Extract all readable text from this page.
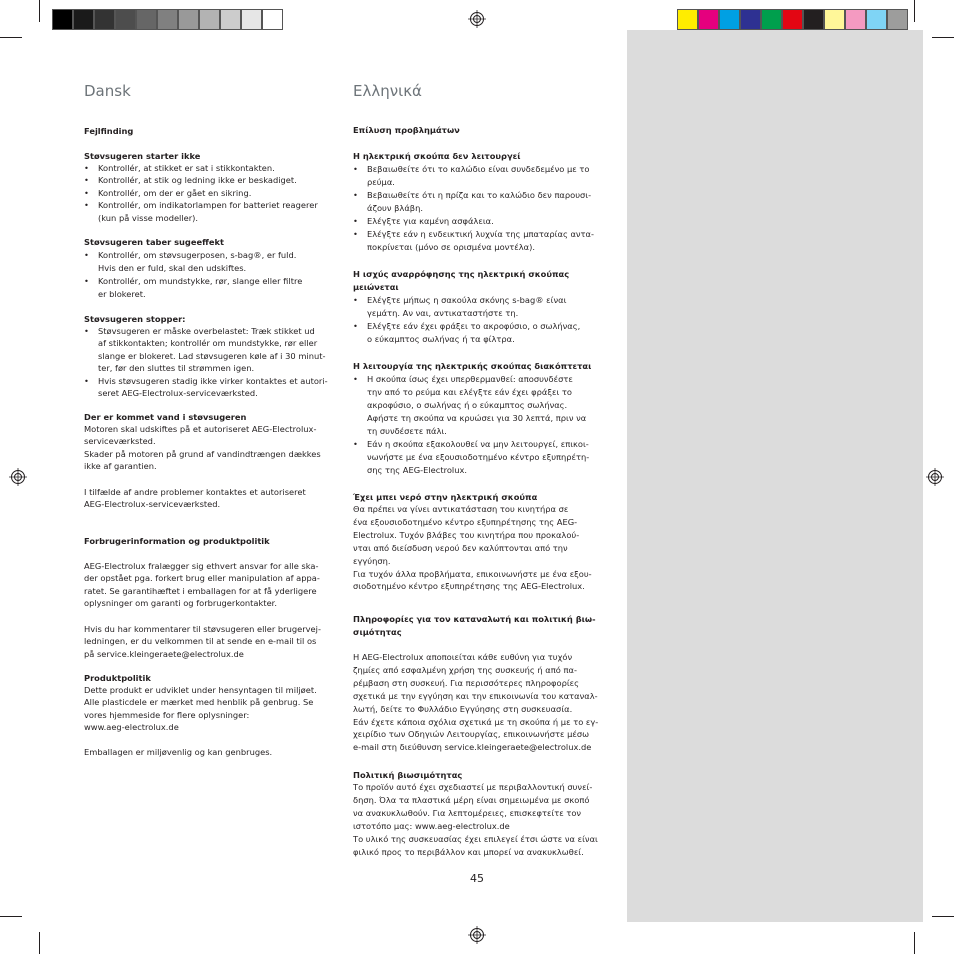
Dansk

Fejlfinding

Støvsugeren starter ikke

• Kontrollér, at stikket er sat i stikkontakten.
• Kontrollér, at stik og ledning ikke er beskadiget.
• Kontrollér, om der er gået en sikring.
• Kontrollér, om indikatorlampen for batteriet reagerer
(kun på visse modeller).

Støvsugeren taber sugeeffekt

• Kontrollér, om støvsugerposen, s-bag®, er fuld.
Hvis den er fuld, skal den udskiftes.
• Kontrollér, om mundstykke, rør, slange eller filtre
er blokeret.

Støvsugeren stopper:

• Støvsugeren er måske overbelastet: Træk stikket ud
af stikkontakten; kontrollér om mundstykke, rør eller
slange er blokeret. Lad støvsugeren køle af i 30 minut-
ter, før den sluttes til strømmen igen.
• Hvis støvsugeren stadig ikke virker kontaktes et autori-
seret AEG-Electrolux-serviceværksted.

Der er kommet vand i støvsugeren

Motoren skal udskiftes på et autoriseret AEG-Electrolux-
serviceværksted.
Skader på motoren på grund af vandindtrængen dækkes
ikke af garantien.
I tilfælde af andre problemer kontaktes et autoriseret
AEG-Electrolux-serviceværksted.

Forbrugerinformation og produktpolitik

AEG-Electrolux fralægger sig ethvert ansvar for alle ska-
der opstået pga. forkert brug eller manipulation af appa-
ratet. Se garantihæftet i emballagen for at få yderligere
oplysninger om garanti og forbrugerkontakter.
Hvis du har kommentarer til støvsugeren eller brugervej-
ledningen, er du velkommen til at sende en e-mail til os
på service.kleingeraete@electrolux.de

Produktpolitik

Dette produkt er udviklet under hensyntagen til miljøet.
Alle plasticdele er mærket med henblik på genbrug. Se
vores hjemmeside for flere oplysninger:
www.aeg-electrolux.de

Emballagen er miljøvenlig og kan genbruges.

Ελληνικά

Επίλυση προβλημάτων

Η ηλεκτρική σκούπα δεν λειτουργεί

• Βεβαιωθείτε ότι το καλώδιο είναι συνδεδεμένο με το
ρεύμα.
• Βεβαιωθείτε ότι η πρίζα και το καλώδιο δεν παρουσι-
άζουν βλάβη.
• Ελέγξτε για καμένη ασφάλεια.
• Ελέγξτε εάν η ενδεικτική λυχνία της μπαταρίας αντα-
ποκρίνεται (μόνο σε ορισμένα μοντέλα).

Η ισχύς αναρρόφησης της ηλεκτρική σκούπας

μειώνεται

• Ελέγξτε μήπως η σακούλα σκόνης s-bag® είναι
γεμάτη. Αν ναι, αντικαταστήστε τη.
• Ελέγξτε εάν έχει φράξει το ακροφύσιο, ο σωλήνας,
ο εύκαμπτος σωλήνας ή τα φίλτρα.

Η λειτουργία της ηλεκτρικής σκούπας διακόπτεται

• Η σκούπα ίσως έχει υπερθερμανθεί: αποσυνδέστε
την από το ρεύμα και ελέγξτε εάν έχει φράξει το
ακροφύσιο, ο σωλήνας ή ο εύκαμπτος σωλήνας.
Αφήστε τη σκούπα να κρυώσει για 30 λεπτά, πριν να
τη συνδέσετε πάλι.
• Εάν η σκούπα εξακολουθεί να μην λειτουργεί, επικοι-
νωνήστε με ένα εξουσιοδοτημένο κέντρο εξυπηρέτη-
σης της AEG-Electrolux.

Έχει μπει νερό στην ηλεκτρική σκούπα

Θα πρέπει να γίνει αντικατάσταση του κινητήρα σε
ένα εξουσιοδοτημένο κέντρο εξυπηρέτησης της AEG-
Electrolux. Τυχόν βλάβες του κινητήρα που προκαλού-
νται από διείσδυση νερού δεν καλύπτονται από την
εγγύηση.
Για τυχόν άλλα προβλήματα, επικοινωνήστε με ένα εξου-
σιοδοτημένο κέντρο εξυπηρέτησης της AEG-Electrolux.

Πληροφορίες για τον καταναλωτή και πολιτική βιω-

σιμότητας

Η AEG-Electrolux αποποιείται κάθε ευθύνη για τυχόν
ζημίες από εσφαλμένη χρήση της συσκευής ή από πα-
ρέμβαση στη συσκευή. Για περισσότερες πληροφορίες
σχετικά με την εγγύηση και την επικοινωνία του καταναλ-
λωτή, δείτε το Φυλλάδιο Εγγύησης στη συσκευασία.
Εάν έχετε κάποια σχόλια σχετικά με τη σκούπα ή με το εγ-
χειρίδιο των Οδηγιών Λειτουργίας, επικοινωνήστε μέσω
e-mail στη διεύθυνση service.kleingeraete@electrolux.de

Πολιτική βιωσιμότητας

Το προϊόν αυτό έχει σχεδιαστεί με περιβαλλοντική συνεί-
δηση. Όλα τα πλαστικά μέρη είναι σημειωμένα με σκοπό
να ανακυκλωθούν. Για λεπτομέρειες, επισκεφτείτε τον
ιστοτόπο μας: www.aeg-electrolux.de
Το υλικό της συσκευασίας έχει επιλεγεί έτσι ώστε να είναι
φιλικό προς το περιβάλλον και μπορεί να ανακυκλωθεί.
45
